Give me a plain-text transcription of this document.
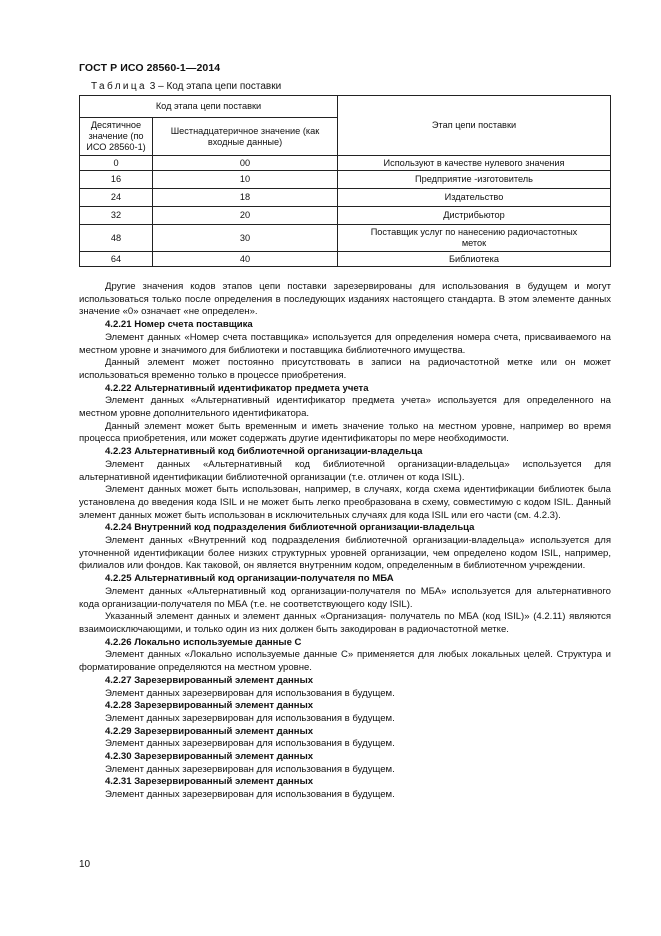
ГОСТ Р ИСО 28560-1—2014
Таблица 3 – Код этапа цепи поставки
Код этапа цепи поставки		Этап цепи поставки
Десятичное значение (по ИСО 28560-1)	Шестнадцатеричное значение (как входные данные)	
0	00	Используют в качестве нулевого значения
16	10	Предприятие -изготовитель
24	18	Издательство
32	20	Дистрибьютор
48	30	Поставщик услуг по нанесению радиочастотных меток
64	40	Библиотека

Другие значения кодов этапов цепи поставки зарезервированы для использования в будущем и могут использоваться только после определения в последующих изданиях настоящего стандарта. В этом элементе данных значение «0» означает «не определен».

4.2.21 Номер счета поставщика

Элемент данных «Номер счета поставщика» используется для определения номера счета, присваиваемого на местном уровне и значимого для библиотеки и поставщика библиотечного имущества.

Данный элемент может постоянно присутствовать в записи на радиочастотной метке или он может использоваться временно только в процессе приобретения.

4.2.22 Альтернативный идентификатор предмета учета

Элемент данных «Альтернативный идентификатор предмета учета» используется для определенного на местном уровне дополнительного идентификатора.

Данный элемент может быть временным и иметь значение только на местном уровне, например во время процесса приобретения, или может содержать другие идентификаторы по мере необходимости.

4.2.23 Альтернативный код библиотечной организации-владельца

Элемент данных «Альтернативный код библиотечной организации-владельца» используется для альтернативной идентификации библиотечной организации (т.е. отличен от кода ISIL).

Элемент данных может быть использован, например, в случаях, когда схема идентификации библиотек была установлена до введения кода ISIL и не может быть легко преобразована в схему, совместимую с кодом ISIL. Данный элемент данных может быть использован в исключительных случаях для кода ISIL или его части (см. 4.2.3).

4.2.24 Внутренний код подразделения библиотечной организации-владельца

Элемент данных «Внутренний код подразделения библиотечной организации-владельца» используется для уточненной идентификации более низких структурных уровней организации, чем определено кодом ISIL, например, филиалов или фондов. Как таковой, он является внутренним кодом, определенным в библиотечном учреждении.

4.2.25 Альтернативный код организации-получателя по МБА

Элемент данных «Альтернативный код организации-получателя по МБА» используется для альтернативного кода организации-получателя по МБА (т.е. не соответствующего коду ISIL).

Указанный элемент данных и элемент данных «Организация- получатель по МБА (код ISIL)» (4.2.11) являются взаимоисключающими, и только один из них должен быть закодирован в радиочастотной метке.

4.2.26 Локально используемые данные С

Элемент данных «Локально используемые данные С» применяется для любых локальных целей. Структура и форматирование определяются на местном уровне.

4.2.27 Зарезервированный элемент данных

Элемент данных зарезервирован для использования в будущем.

4.2.28 Зарезервированный элемент данных

Элемент данных зарезервирован для использования в будущем.

4.2.29 Зарезервированный элемент данных

Элемент данных зарезервирован для использования в будущем.

4.2.30 Зарезервированный элемент данных

Элемент данных зарезервирован для использования в будущем.

4.2.31 Зарезервированный элемент данных

Элемент данных зарезервирован для использования в будущем.

10
